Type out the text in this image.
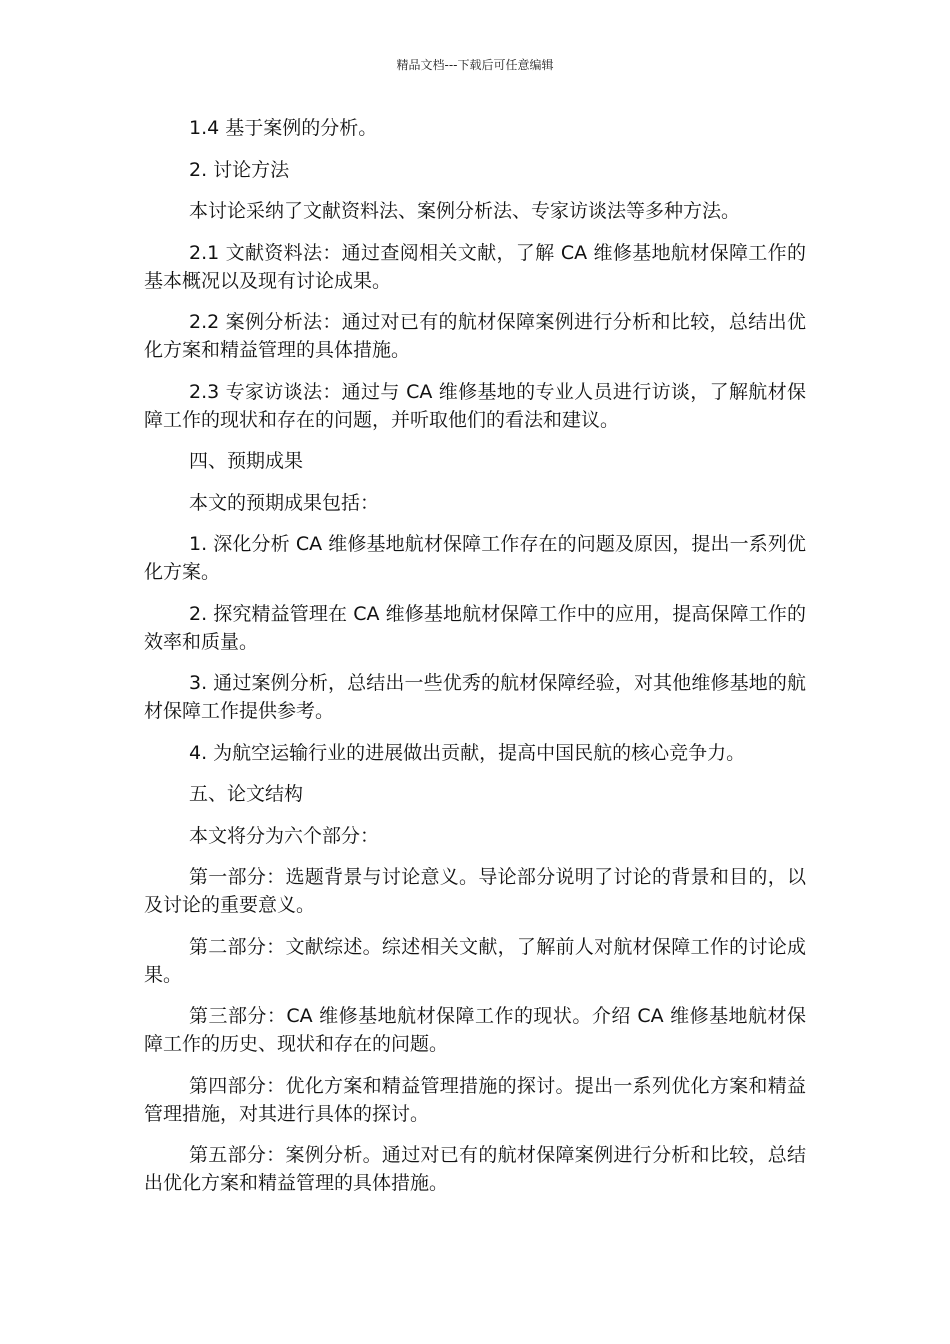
精品文档---下载后可任意编辑

1.4 基于案例的分析。

2. 讨论方法

本讨论采纳了文献资料法、案例分析法、专家访谈法等多种方法。

2.1 文献资料法：通过查阅相关文献，了解 CA 维修基地航材保障工作的基本概况以及现有讨论成果。

2.2 案例分析法：通过对已有的航材保障案例进行分析和比较，总结出优化方案和精益管理的具体措施。

2.3 专家访谈法：通过与 CA 维修基地的专业人员进行访谈，了解航材保障工作的现状和存在的问题，并听取他们的看法和建议。

四、预期成果

本文的预期成果包括：

1. 深化分析 CA 维修基地航材保障工作存在的问题及原因，提出一系列优化方案。

2. 探究精益管理在 CA 维修基地航材保障工作中的应用，提高保障工作的效率和质量。

3. 通过案例分析，总结出一些优秀的航材保障经验，对其他维修基地的航材保障工作提供参考。

4. 为航空运输行业的进展做出贡献，提高中国民航的核心竞争力。

五、论文结构

本文将分为六个部分：

第一部分：选题背景与讨论意义。导论部分说明了讨论的背景和目的，以及讨论的重要意义。

第二部分：文献综述。综述相关文献，了解前人对航材保障工作的讨论成果。

第三部分：CA 维修基地航材保障工作的现状。介绍 CA 维修基地航材保障工作的历史、现状和存在的问题。

第四部分：优化方案和精益管理措施的探讨。提出一系列优化方案和精益管理措施，对其进行具体的探讨。

第五部分：案例分析。通过对已有的航材保障案例进行分析和比较，总结出优化方案和精益管理的具体措施。
